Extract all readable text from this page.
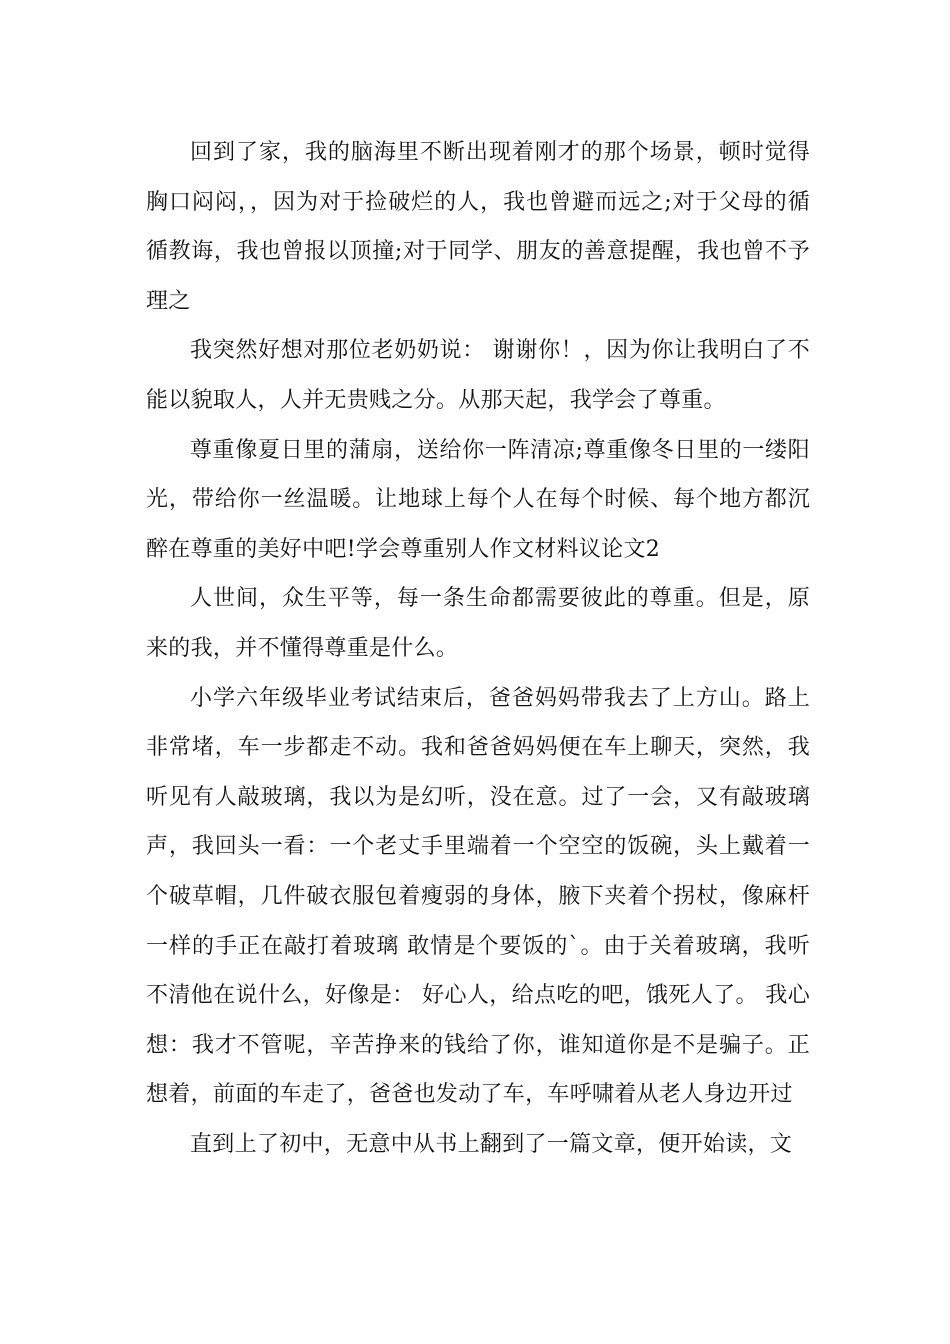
回到了家，我的脑海里不断出现着刚才的那个场景，顿时觉得胸口闷闷，，因为对于捡破烂的人，我也曾避而远之;对于父母的循循教诲，我也曾报以顶撞;对于同学、朋友的善意提醒，我也曾不予理之

我突然好想对那位老奶奶说： 谢谢你！，因为你让我明白了不能以貌取人，人并无贵贱之分。从那天起，我学会了尊重。

尊重像夏日里的蒲扇，送给你一阵清凉;尊重像冬日里的一缕阳光，带给你一丝温暖。让地球上每个人在每个时候、每个地方都沉醉在尊重的美好中吧!学会尊重别人作文材料议论文2

人世间，众生平等，每一条生命都需要彼此的尊重。但是，原来的我，并不懂得尊重是什么。

小学六年级毕业考试结束后，爸爸妈妈带我去了上方山。路上非常堵，车一步都走不动。我和爸爸妈妈便在车上聊天，突然，我听见有人敲玻璃，我以为是幻听，没在意。过了一会，又有敲玻璃声，我回头一看：一个老丈手里端着一个空空的饭碗，头上戴着一个破草帽，几件破衣服包着瘦弱的身体，腋下夹着个拐杖，像麻杆一样的手正在敲打着玻璃 敢情是个要饭的`。由于关着玻璃，我听不清他在说什么，好像是： 好心人，给点吃的吧，饿死人了。 我心想：我才不管呢，辛苦挣来的钱给了你，谁知道你是不是骗子。正想着，前面的车走了，爸爸也发动了车，车呼啸着从老人身边开过

直到上了初中，无意中从书上翻到了一篇文章，便开始读，文
